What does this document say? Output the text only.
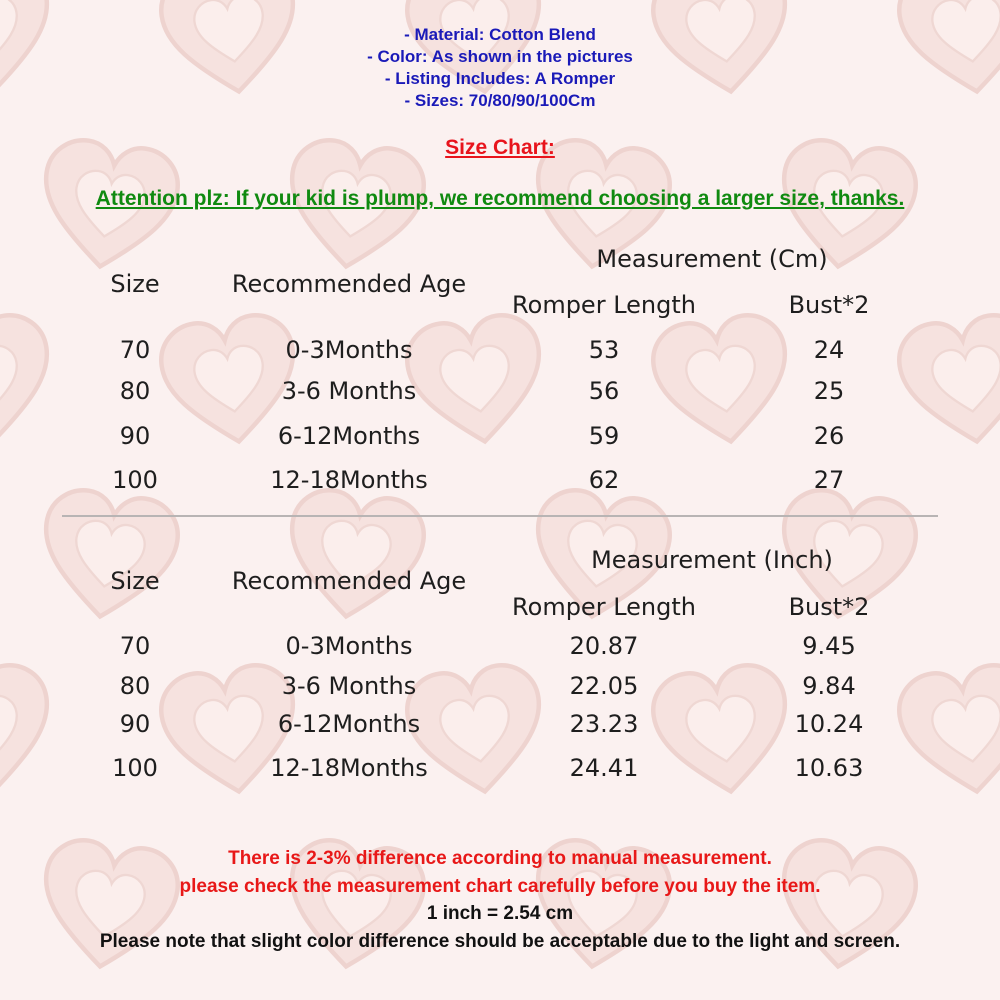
- Material: Cotton Blend
- Color: As shown in the pictures
- Listing Includes: A Romper
- Sizes: 70/80/90/100Cm
Size Chart:
Attention plz: If your kid is plump, we recommend choosing a larger size, thanks.
Size	Recommended Age
Measurement (Cm)
Romper Length	Bust*2
70	0-3Months	53	24
80	3-6 Months	56	25
90	6-12Months	59	26
100	12-18Months	62	27
Size	Recommended Age
Measurement (Inch)
Romper Length	Bust*2
70	0-3Months	20.87	9.45
80	3-6 Months	22.05	9.84
90	6-12Months	23.23	10.24
100	12-18Months	24.41	10.63
There is 2-3% difference according to manual measurement.
please check the measurement chart carefully before you buy the item.
1 inch = 2.54 cm
Please note that slight color difference should be acceptable due to the light and screen.
